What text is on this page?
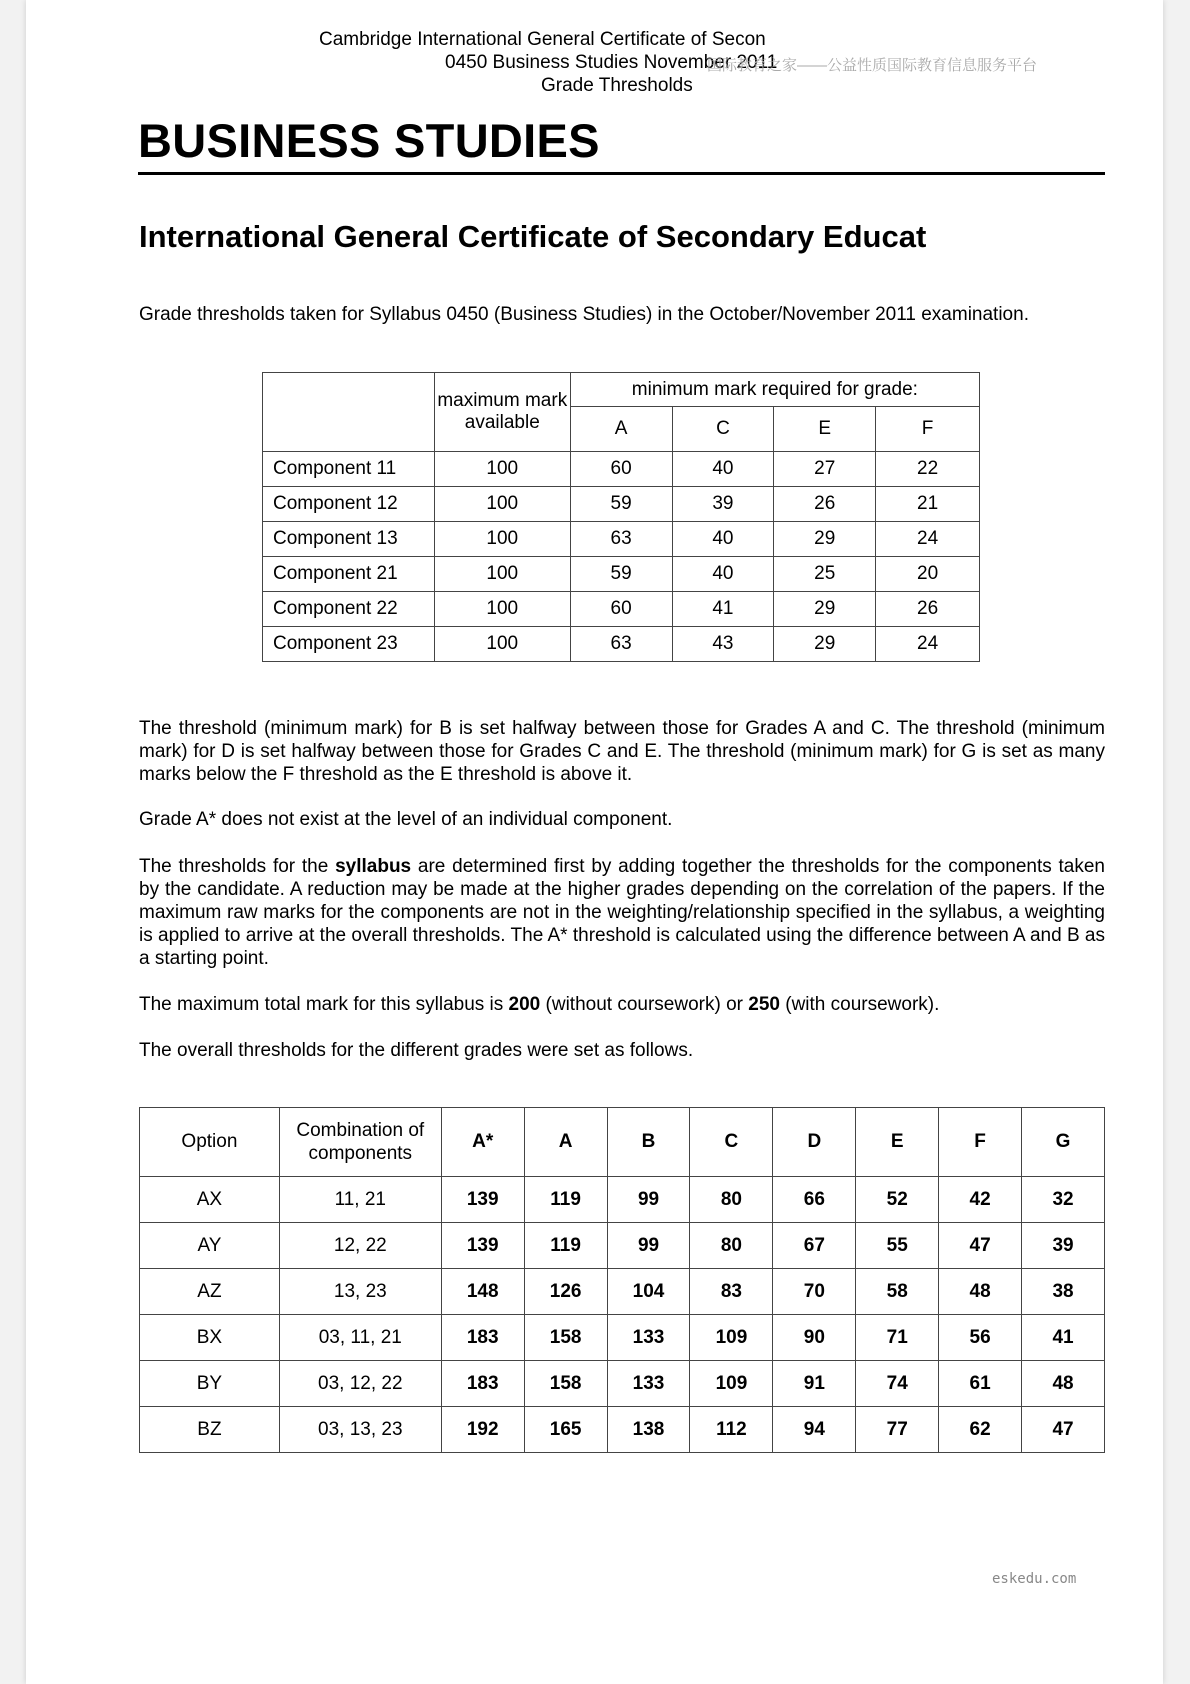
Cambridge International General Certificate of Secon
0450 Business Studies November 2011
Grade Thresholds
国际教育之家——公益性质国际教育信息服务平台
BUSINESS STUDIES
International General Certificate of Secondary Educat

Grade thresholds taken for Syllabus 0450 (Business Studies) in the October/November 2011 examination.

	maximum mark available	minimum mark required for grade:			
		A	C	E	F
Component 11	100	60	40	27	22
Component 12	100	59	39	26	21
Component 13	100	63	40	29	24
Component 21	100	59	40	25	20
Component 22	100	60	41	29	26
Component 23	100	63	43	29	24

The threshold (minimum mark) for B is set halfway between those for Grades A and C. The threshold (minimum mark) for D is set halfway between those for Grades C and E. The threshold (minimum mark) for G is set as many marks below the F threshold as the E threshold is above it.

Grade A* does not exist at the level of an individual component.

The thresholds for the syllabus are determined first by adding together the thresholds for the components taken by the candidate. A reduction may be made at the higher grades depending on the correlation of the papers. If the maximum raw marks for the components are not in the weighting/relationship specified in the syllabus, a weighting is applied to arrive at the overall thresholds. The A* threshold is calculated using the difference between A and B as a starting point.

The maximum total mark for this syllabus is 200 (without coursework) or 250 (with coursework).

The overall thresholds for the different grades were set as follows.

Option	Combination of components	A*	A	B	C	D	E	F	G
AX	11, 21	139	119	99	80	66	52	42	32
AY	12, 22	139	119	99	80	67	55	47	39
AZ	13, 23	148	126	104	83	70	58	48	38
BX	03, 11, 21	183	158	133	109	90	71	56	41
BY	03, 12, 22	183	158	133	109	91	74	61	48
BZ	03, 13, 23	192	165	138	112	94	77	62	47
eskedu.com
